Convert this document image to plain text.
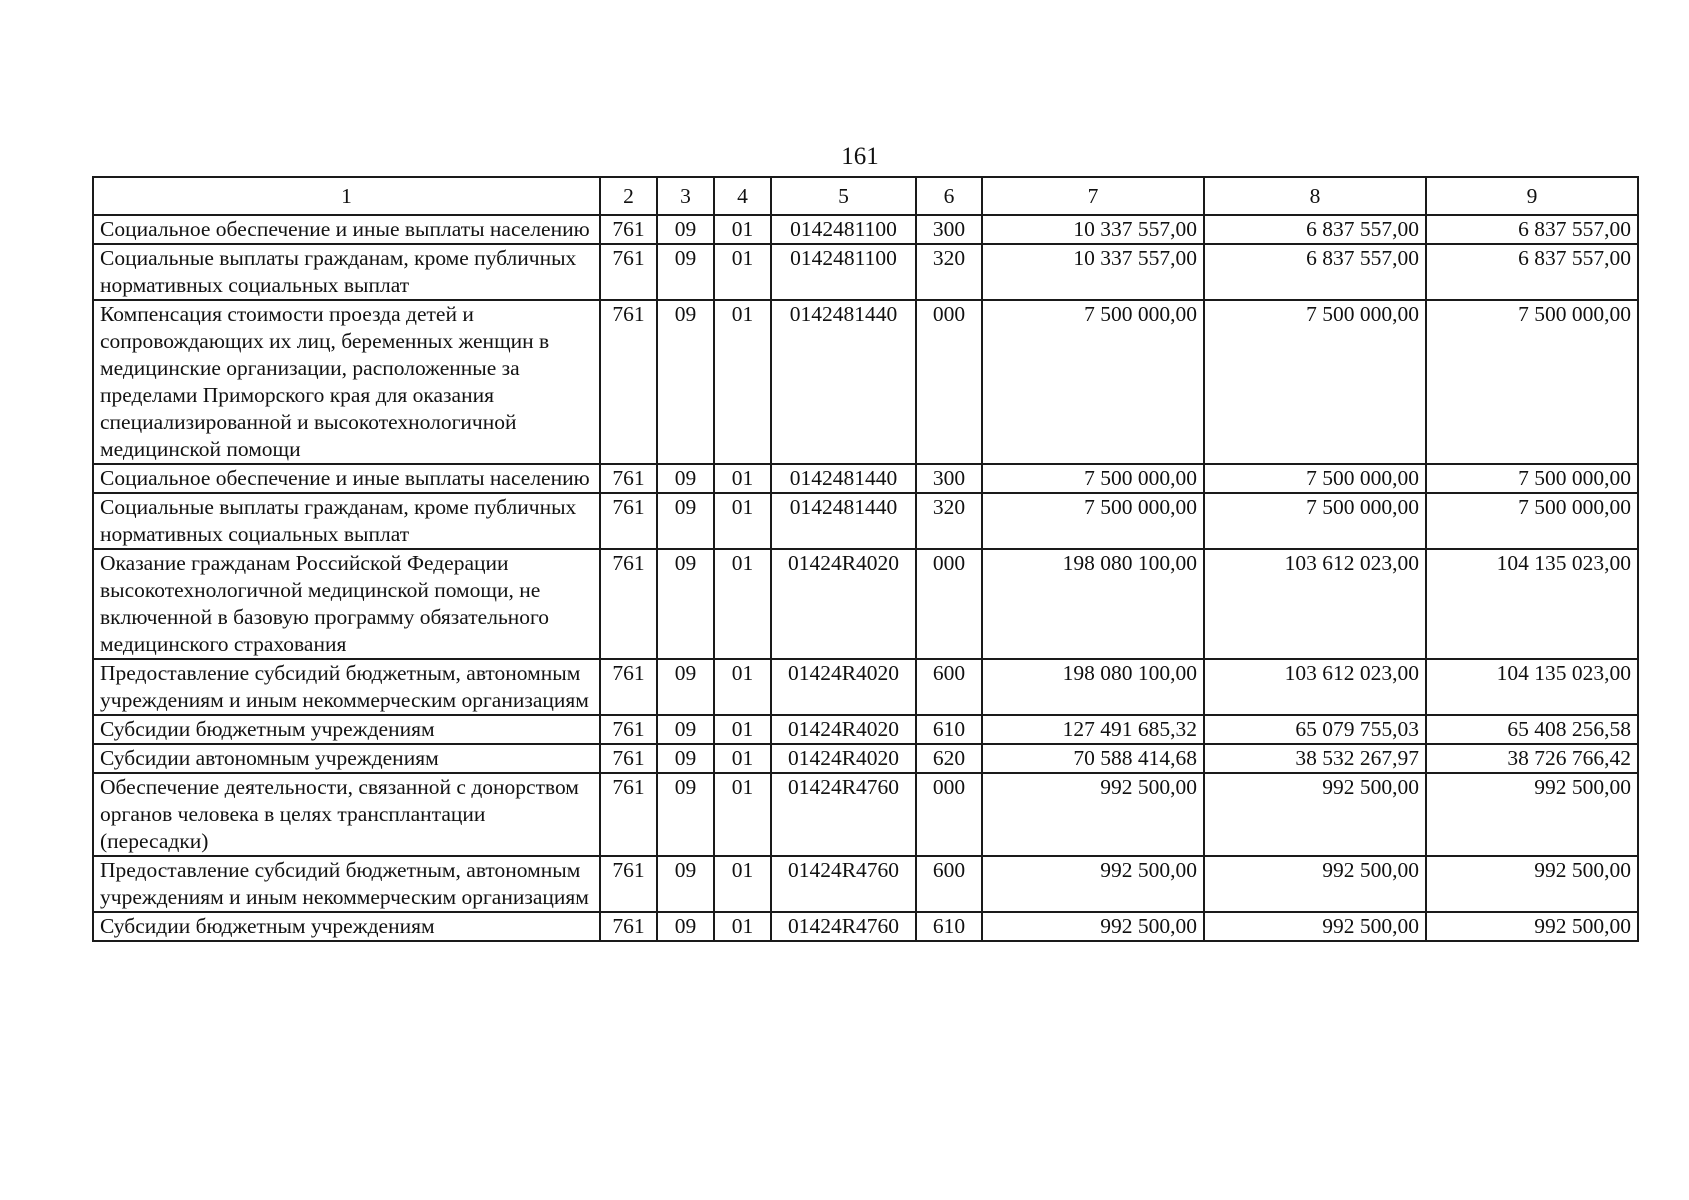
161
1	2	3	4	5	6	7	8	9
Социальное обеспечение и иные выплаты населению	761	09	01	0142481100	300	10 337 557,00	6 837 557,00	6 837 557,00
Социальные выплаты гражданам, кроме публичных нормативных социальных выплат	761	09	01	0142481100	320	10 337 557,00	6 837 557,00	6 837 557,00
Компенсация стоимости проезда детей и сопровождающих их лиц, беременных женщин в медицинские организации, расположенные за пределами Приморского края для оказания специализированной и высокотехнологичной медицинской помощи	761	09	01	0142481440	000	7 500 000,00	7 500 000,00	7 500 000,00
Социальное обеспечение и иные выплаты населению	761	09	01	0142481440	300	7 500 000,00	7 500 000,00	7 500 000,00
Социальные выплаты гражданам, кроме публичных нормативных социальных выплат	761	09	01	0142481440	320	7 500 000,00	7 500 000,00	7 500 000,00
Оказание гражданам Российской Федерации высокотехнологичной медицинской помощи, не включенной в базовую программу обязательного медицинского страхования	761	09	01	01424R4020	000	198 080 100,00	103 612 023,00	104 135 023,00
Предоставление субсидий бюджетным, автономным учреждениям и иным некоммерческим организациям	761	09	01	01424R4020	600	198 080 100,00	103 612 023,00	104 135 023,00
Субсидии бюджетным учреждениям	761	09	01	01424R4020	610	127 491 685,32	65 079 755,03	65 408 256,58
Субсидии автономным учреждениям	761	09	01	01424R4020	620	70 588 414,68	38 532 267,97	38 726 766,42
Обеспечение деятельности, связанной с донорством органов человека в целях трансплантации (пересадки)	761	09	01	01424R4760	000	992 500,00	992 500,00	992 500,00
Предоставление субсидий бюджетным, автономным учреждениям и иным некоммерческим организациям	761	09	01	01424R4760	600	992 500,00	992 500,00	992 500,00
Субсидии бюджетным учреждениям	761	09	01	01424R4760	610	992 500,00	992 500,00	992 500,00
